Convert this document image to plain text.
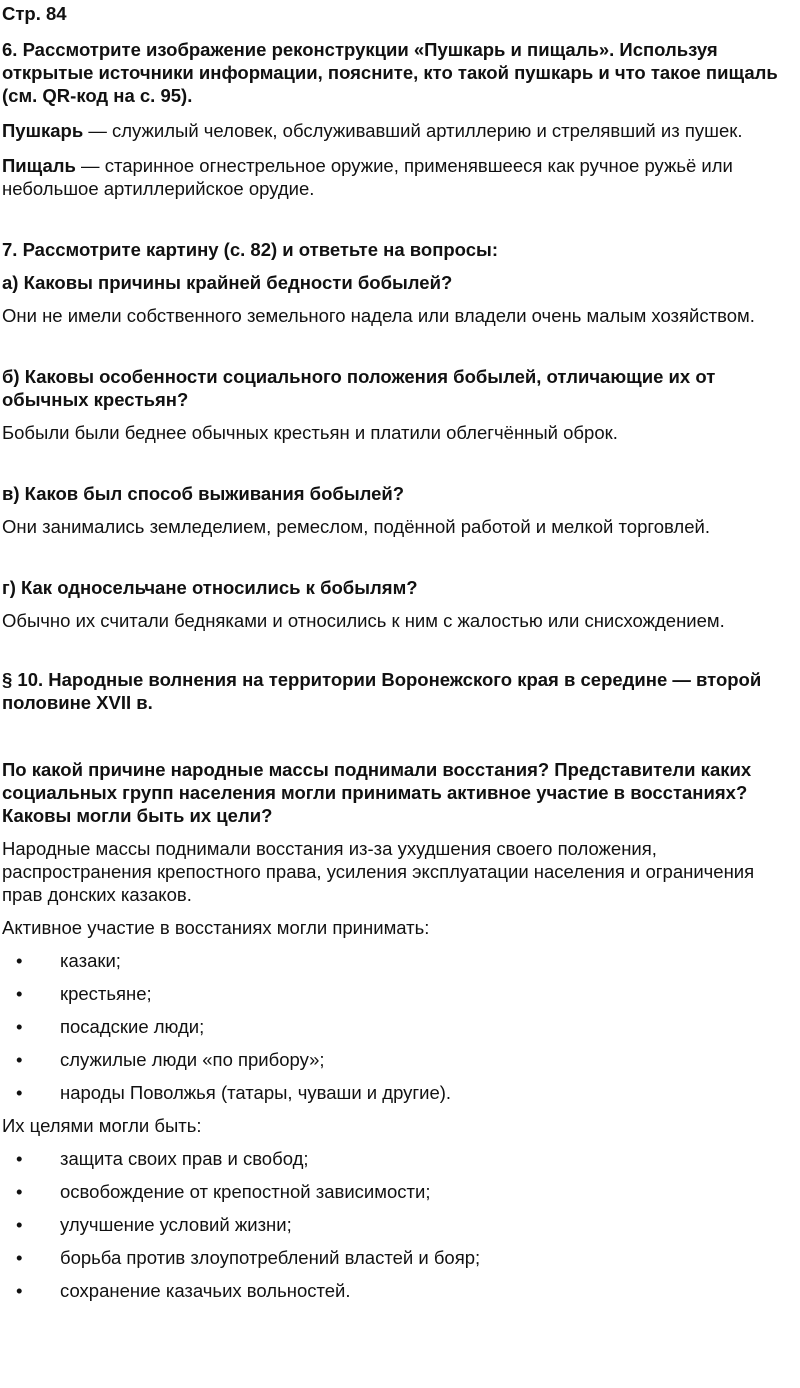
Стр. 84

6. Рассмотрите изображение реконструкции «Пушкарь и пищаль». Используя открытые источники информации, поясните, кто такой пушкарь и что такое пищаль (см. QR-код на с. 95).

Пушкарь — служилый человек, обслуживавший артиллерию и стрелявший из пушек.

Пищаль — старинное огнестрельное оружие, применявшееся как ручное ружьё или небольшое артиллерийское орудие.

7. Рассмотрите картину (с. 82) и ответьте на вопросы:

а) Каковы причины крайней бедности бобылей?

Они не имели собственного земельного надела или владели очень малым хозяйством.

б) Каковы особенности социального положения бобылей, отличающие их от обычных крестьян?

Бобыли были беднее обычных крестьян и платили облегчённый оброк.

в) Каков был способ выживания бобылей?

Они занимались земледелием, ремеслом, подённой работой и мелкой торговлей.

г) Как односельчане относились к бобылям?

Обычно их считали бедняками и относились к ним с жалостью или снисхождением.

§ 10. Народные волнения на территории Воронежского края в середине — второй половине XVII в.

По какой причине народные массы поднимали восстания? Представители каких социальных групп населения могли принимать активное участие в восстаниях? Каковы могли быть их цели?

Народные массы поднимали восстания из-за ухудшения своего положения, распространения крепостного права, усиления эксплуатации населения и ограничения прав донских казаков.

Активное участие в восстаниях могли принимать:

• казаки;
• крестьяне;
• посадские люди;
• служилые люди «по прибору»;
• народы Поволжья (татары, чуваши и другие).

Их целями могли быть:

• защита своих прав и свобод;
• освобождение от крепостной зависимости;
• улучшение условий жизни;
• борьба против злоупотреблений властей и бояр;
• сохранение казачьих вольностей.
